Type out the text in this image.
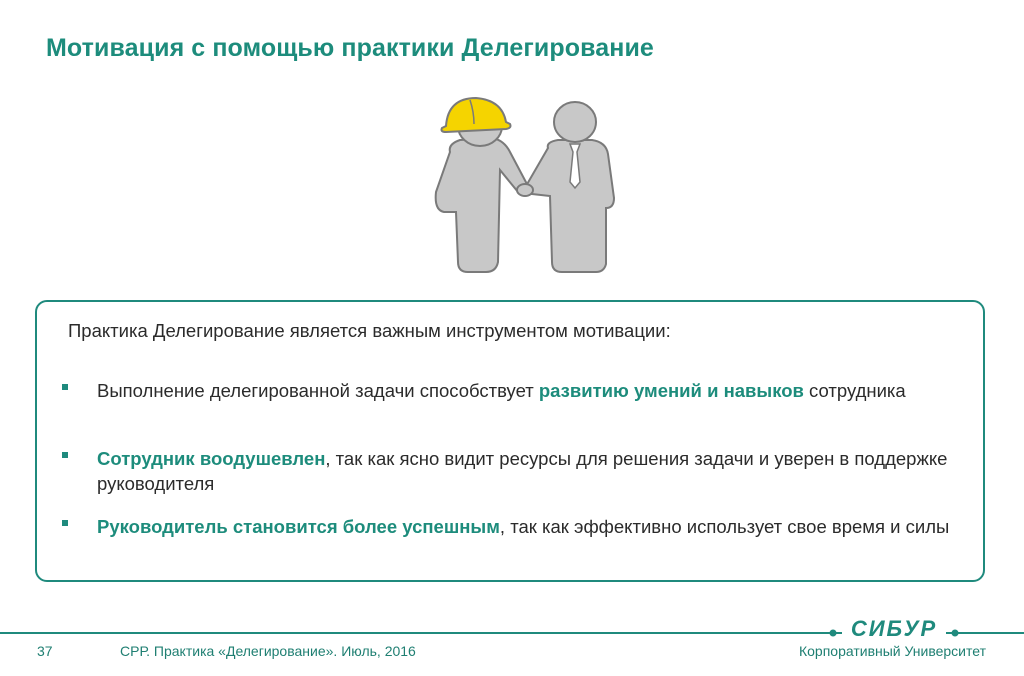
Мотивация с помощью практики Делегирование
Практика Делегирование является важным инструментом мотивации:
Выполнение делегированной задачи способствует развитию умений и навыков сотрудника
Сотрудник воодушевлен, так как ясно видит ресурсы для решения задачи и уверен в поддержке руководителя
Руководитель становится более успешным, так как эффективно использует свое время и силы
СИБУР
37	СРР. Практика «Делегирование». Июль, 2016	Корпоративный Университет
